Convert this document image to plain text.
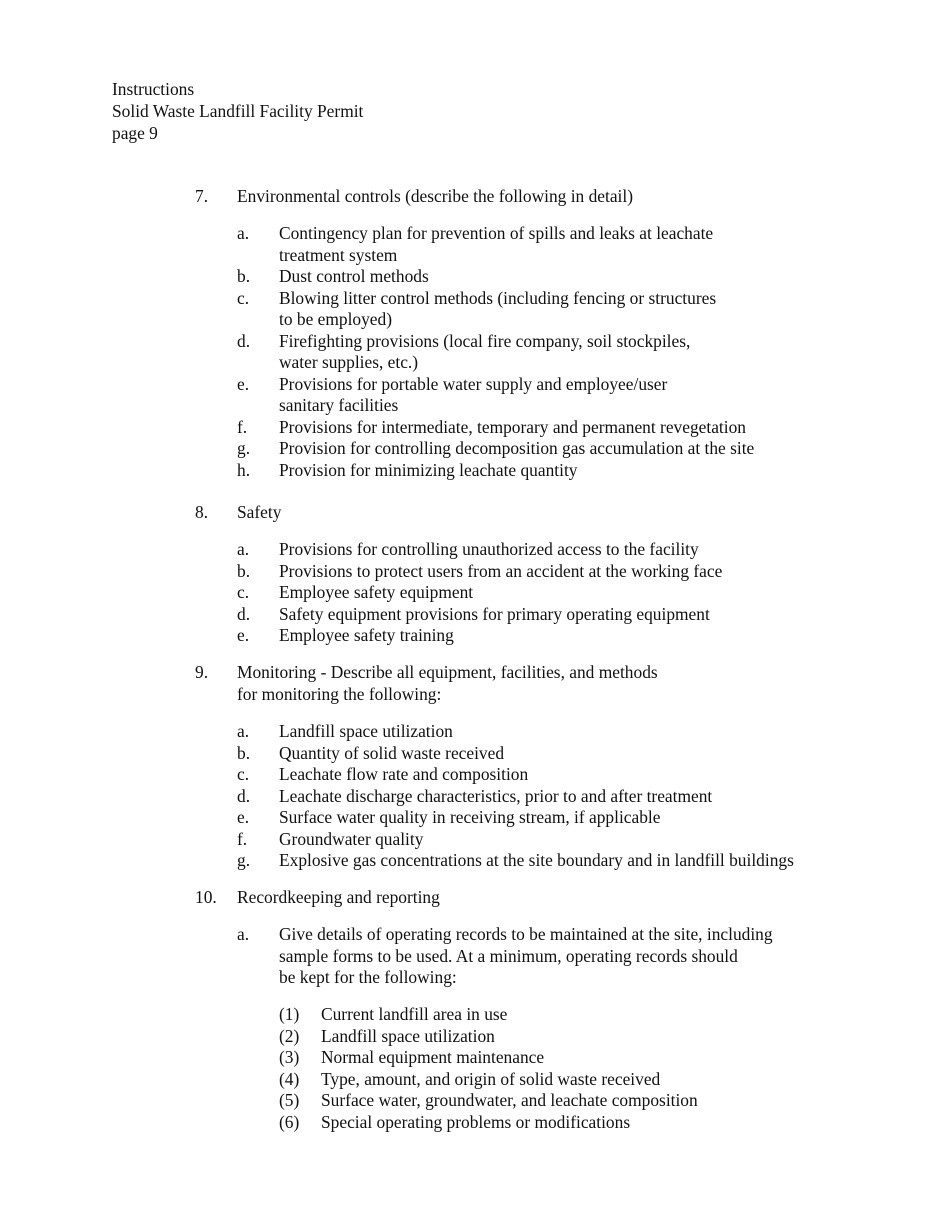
Instructions
Solid Waste Landfill Facility Permit
page 9
7. Environmental controls (describe the following in detail)
a. Contingency plan for prevention of spills and leaks at leachate
treatment system
b. Dust control methods
c. Blowing litter control methods (including fencing or structures
to be employed)
d. Firefighting provisions (local fire company, soil stockpiles,
water supplies, etc.)
e. Provisions for portable water supply and employee/user
sanitary facilities
f. Provisions for intermediate, temporary and permanent revegetation
g. Provision for controlling decomposition gas accumulation at the site
h. Provision for minimizing leachate quantity
8. Safety
a. Provisions for controlling unauthorized access to the facility
b. Provisions to protect users from an accident at the working face
c. Employee safety equipment
d. Safety equipment provisions for primary operating equipment
e. Employee safety training
9. Monitoring - Describe all equipment, facilities, and methods
for monitoring the following:
a. Landfill space utilization
b. Quantity of solid waste received
c. Leachate flow rate and composition
d. Leachate discharge characteristics, prior to and after treatment
e. Surface water quality in receiving stream, if applicable
f. Groundwater quality
g. Explosive gas concentrations at the site boundary and in landfill buildings
10. Recordkeeping and reporting
a. Give details of operating records to be maintained at the site, including
sample forms to be used. At a minimum, operating records should
be kept for the following:
(1) Current landfill area in use
(2) Landfill space utilization
(3) Normal equipment maintenance
(4) Type, amount, and origin of solid waste received
(5) Surface water, groundwater, and leachate composition
(6) Special operating problems or modifications
